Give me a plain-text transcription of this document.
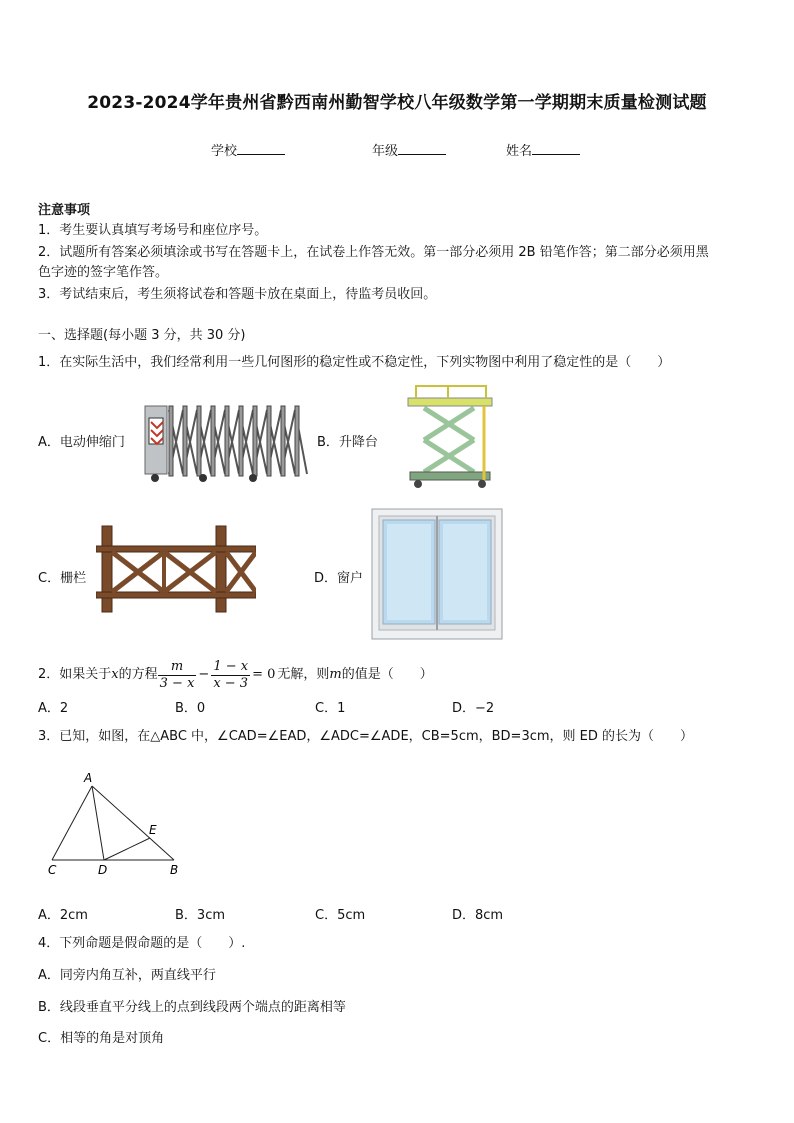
2023-2024学年贵州省黔西南州勤智学校八年级数学第一学期期末质量检测试题
学校	年级	姓名
注意事项
1．考生要认真填写考场号和座位序号。
2．试题所有答案必须填涂或书写在答题卡上，在试卷上作答无效。第一部分必须用 2B 铅笔作答；第二部分必须用黑
色字迹的签字笔作答。
3．考试结束后，考生须将试卷和答题卡放在桌面上，待监考员收回。
一、选择题(每小题 3 分，共 30 分)
1．在实际生活中，我们经常利用一些几何图形的稳定性或不稳定性，下列实物图中利用了稳定性的是（　　）
A．电动伸缩门	B．升降台
C．栅栏	D．窗户
2．如果关于 x 的方程 $\frac{m}{3 - x} - \frac{1 - x}{x - 3} = 0$ 无解，则 m 的值是（　　）
A．2	B．0	C．1	D．−2
3．已知，如图，在△ABC 中，∠CAD=∠EAD，∠ADC=∠ADE，CB=5cm，BD=3cm，则 ED 的长为（　　）
A
C	D	B
E
A．2cm	B．3cm	C．5cm	D．8cm
4．下列命题是假命题的是（　　）.
A．同旁内角互补，两直线平行
B．线段垂直平分线上的点到线段两个端点的距离相等
C．相等的角是对顶角
